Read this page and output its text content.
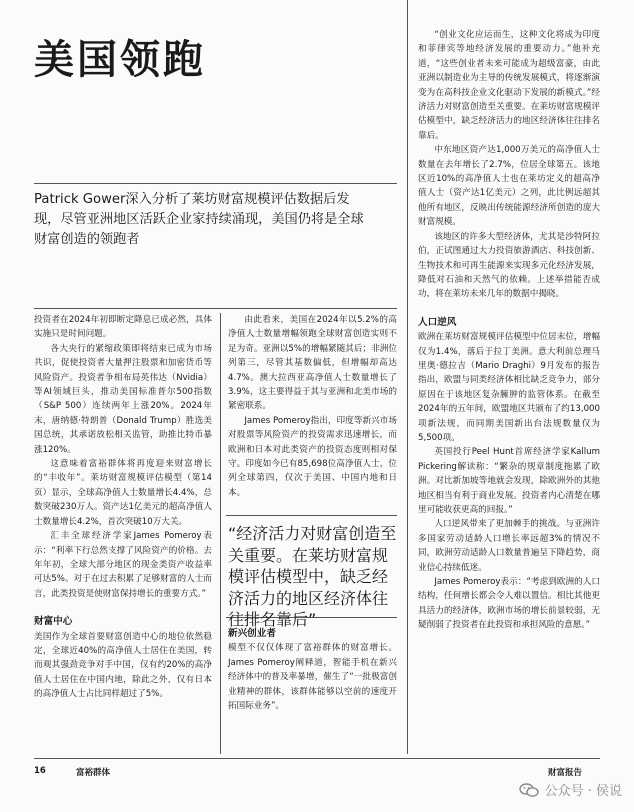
美国领跑

Patrick Gower深入分析了莱坊财富规模评估数据后发现，尽管亚洲地区活跃企业家持续涌现，美国仍将是全球财富创造的领跑者

投资者在2024年初即断定降息已成必然，具体实施只是时间问题。

各大央行的紧缩政策即将结束已成为市场共识，促使投资者大量押注股票和加密货币等风险资产。投资者争相布局英伟达（Nvidia）等AI领域巨头，推动美国标准普尔500指数（S&P 500）连续两年上涨20%。2024年末，唐纳德·特朗普（Donald Trump）胜选美国总统，其承诺放松相关监管，助推比特币暴涨120%。

这意味着富裕群体将再度迎来财富增长的“丰收年”。莱坊财富规模评估模型（第14页）显示，全球高净值人士数量增长4.4%，总数突破230万人。资产达1亿美元的超高净值人士数量增长4.2%，首次突破10万大关。

汇丰全球经济学家James Pomeroy表示：“利率下行总然支撑了风险资产的价格。去年年初，全球大部分地区的现金类资产收益率可达5%。对于在过去积累了足够财富的人士而言，此类投资是使财富保持增长的重要方式。”

财富中心

美国作为全球首要财富创造中心的地位依然稳定，全球近40%的高净值人士居住在美国，转而观其强劲竞争对手中国，仅有约20%的高净值人士居住在中国内地，除此之外，仅有日本的高净值人士占比同样超过了5%。

由此看来，美国在2024年以5.2%的高净值人士数量增幅领跑全球财富创造实则不足为奇。亚洲以5%的增幅紧随其后；非洲位列第三，尽管其基数偏低，但增幅却高达4.7%。澳大拉西亚高净值人士数量增长了3.9%，这主要得益于其与亚洲和北美市场的紧密联系。

James Pomeroy指出，印度等新兴市场对股票等风险资产的投资需求迅速增长，而欧洲和日本对此类资产的投资态度则相对保守。印度如今已有85,698位高净值人士，位列全球第四，仅次于美国、中国内地和日本。

“经济活力对财富创造至关重要。在莱坊财富规模评估模型中，缺乏经济活力的地区经济体往往排名靠后”

新兴创业者

模型不仅仅体现了富裕群体的财富增长。James Pomeroy阐释道，智能手机在新兴经济体中的普及率暴增，催生了“一批极富创业精神的群体，该群体能够以空前的速度开拓国际业务”。

“创业文化应运而生，这种文化将成为印度和菲律宾等地经济发展的重要动力。”他补充道，“这些创业者未来可能成为超级富豪，由此亚洲以制造业为主导的传统发展模式，将逐渐演变为在高科技企业文化驱动下发展的新模式。”经济活力对财富创造至关重要。在莱坊财富规模评估模型中，缺乏经济活力的地区经济体往往排名靠后。

中东地区资产达1,000万美元的高净值人士数量在去年增长了2.7%，位居全球第五。该地区近10%的高净值人士也在莱坊定义的超高净值人士（资产达1亿美元）之列，此比例远超其他所有地区，反映出传统能源经济所创造的庞大财富规模。

该地区的许多大型经济体，尤其是沙特阿拉伯，正试图通过大力投资旅游酒店、科技创新、生物技术和可再生能源来实现多元化经济发展，降低对石油和天然气的依赖。上述举措能否成功，将在莱坊未来几年的数据中揭晓。

人口逆风

欧洲在莱坊财富规模评估模型中位居末位，增幅仅为1.4%，落后于拉丁美洲。意大利前总理马里奥·德拉吉（Mario Draghi）9月发布的报告指出，欧盟与同类经济体相比缺乏竞争力，部分原因在于该地区复杂臃肿的监管体系。在截至2024年的五年间，欧盟地区共颁布了约13,000项新法规，而同期美国新出台法规数量仅为5,500项。

英国投行Peel Hunt首席经济学家Kallum Pickering解读称：“繁杂的规章制度拖累了欧洲。对比新加坡等地就会发现，除欧洲外的其他地区相当有利于商业发展。投资者内心清楚在哪里可能收获更高的回报。”

人口逆风带来了更加棘手的挑战。与亚洲许多国家劳动适龄人口增长率远超3%的情况不同，欧洲劳动适龄人口数量普遍呈下降趋势，商业信心持续低迷。

James Pomeroy表示：“考虑到欧洲的人口结构，任何增长都会令人难以置信。相比其他更具活力的经济体，欧洲市场的增长前景较弱，无疑削弱了投资者在此投资和承担风险的意愿。”

16	富裕群体	财富报告
公众号 · 侯说
